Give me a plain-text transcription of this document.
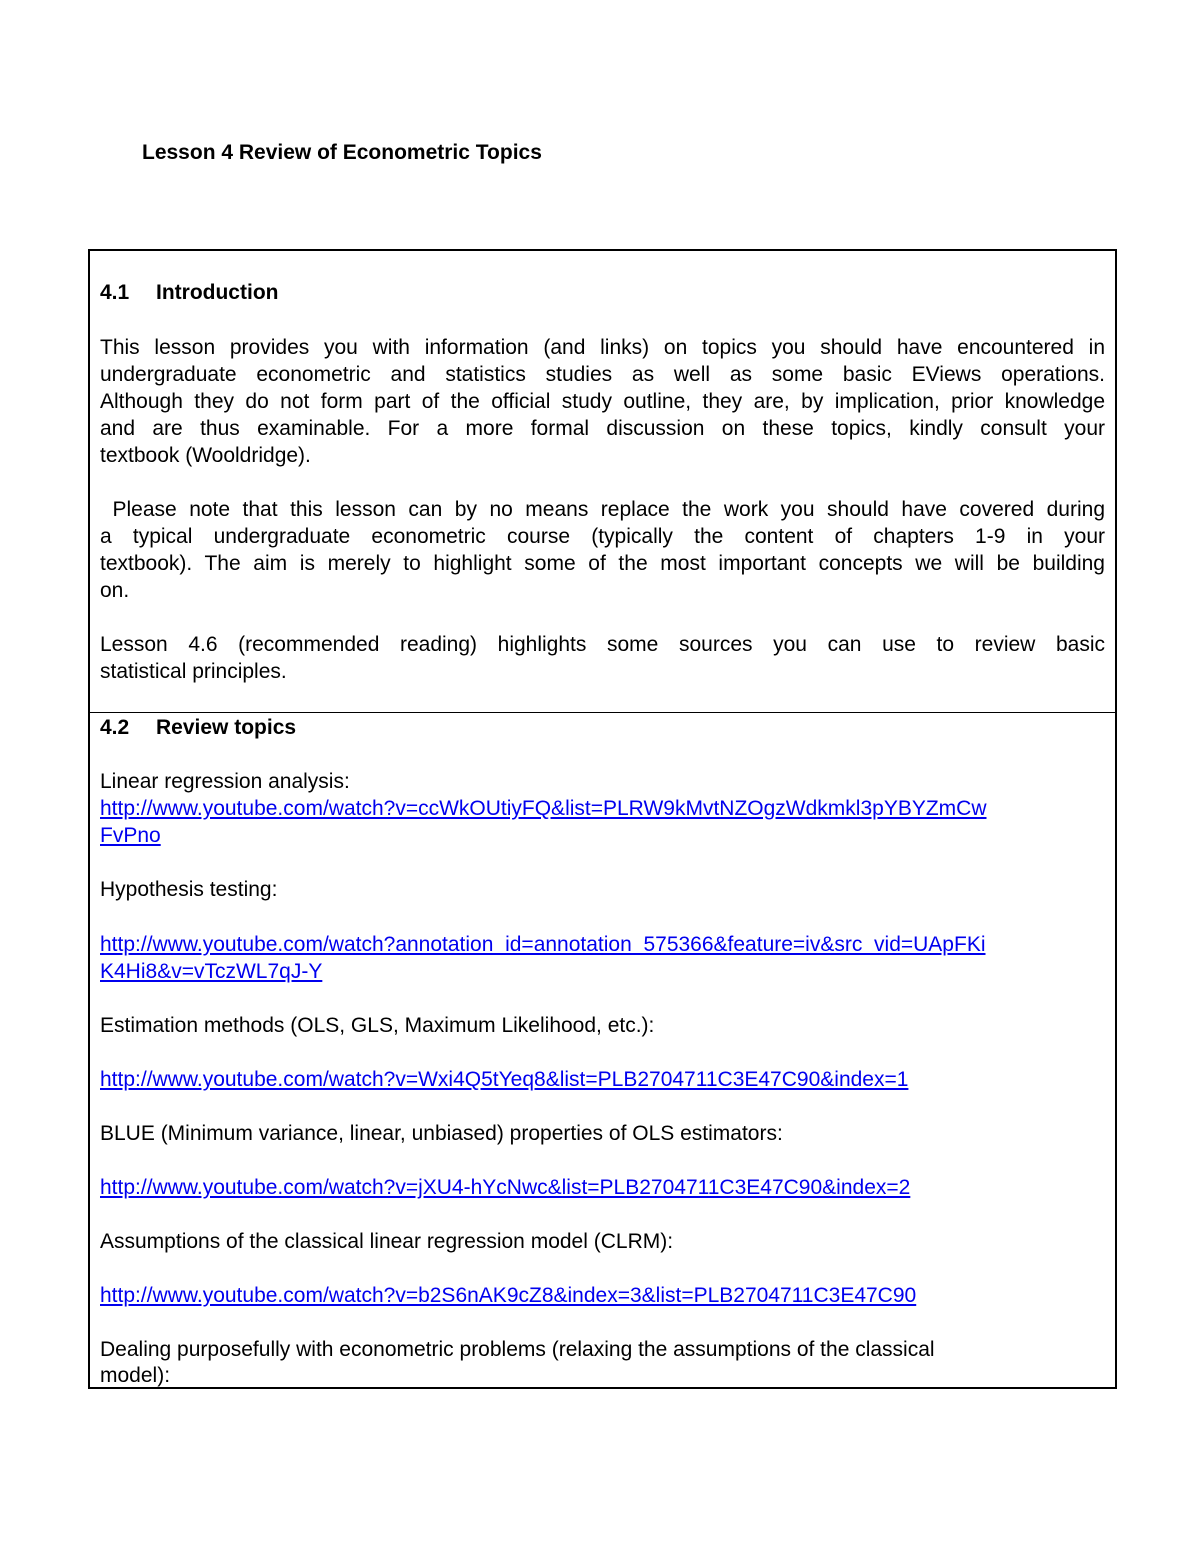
Lesson 4 Review of Econometric Topics
4.1 Introduction
This lesson provides you with information (and links) on topics you should have encountered in
undergraduate econometric and statistics studies as well as some basic EViews operations.
Although they do not form part of the official study outline, they are, by implication, prior knowledge
and are thus examinable. For a more formal discussion on these topics, kindly consult your
textbook (Wooldridge).
Please note that this lesson can by no means replace the work you should have covered during
a typical undergraduate econometric course (typically the content of chapters 1-9 in your
textbook). The aim is merely to highlight some of the most important concepts we will be building
on.
Lesson 4.6 (recommended reading) highlights some sources you can use to review basic
statistical principles.
4.2 Review topics
Linear regression analysis:
http://www.youtube.com/watch?v=ccWkOUtiyFQ&list=PLRW9kMvtNZOgzWdkmkl3pYBYZmCw
FvPno
Hypothesis testing:
http://www.youtube.com/watch?annotation_id=annotation_575366&feature=iv&src_vid=UApFKi
K4Hi8&v=vTczWL7qJ-Y
Estimation methods (OLS, GLS, Maximum Likelihood, etc.):
http://www.youtube.com/watch?v=Wxi4Q5tYeq8&list=PLB2704711C3E47C90&index=1
BLUE (Minimum variance, linear, unbiased) properties of OLS estimators:
http://www.youtube.com/watch?v=jXU4-hYcNwc&list=PLB2704711C3E47C90&index=2
Assumptions of the classical linear regression model (CLRM):
http://www.youtube.com/watch?v=b2S6nAK9cZ8&index=3&list=PLB2704711C3E47C90
Dealing purposefully with econometric problems (relaxing the assumptions of the classical
model):
